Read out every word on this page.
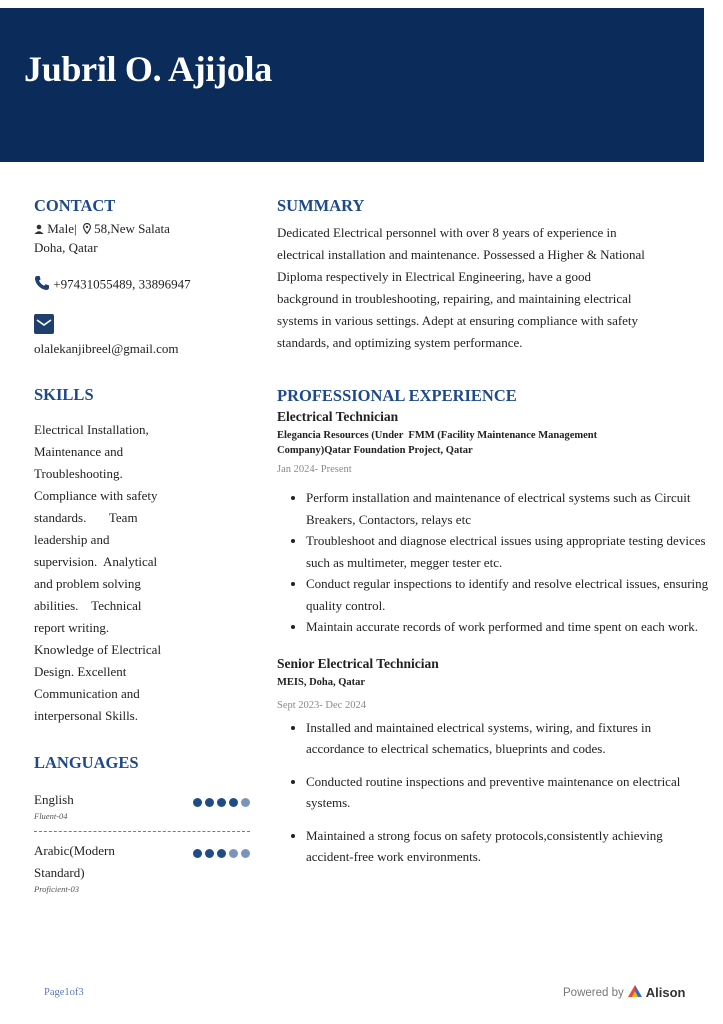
Jubril O. Ajijola
CONTACT
Male| 58,New Salata
Doha, Qatar
+97431055489, 33896947
olalekanjibreel@gmail.com
SKILLS
Electrical Installation,
Maintenance and
Troubleshooting.
Compliance with safety
standards.       Team
leadership and
supervision.  Analytical
and problem solving
abilities.    Technical
report writing.
Knowledge of Electrical
Design. Excellent
Communication and
interpersonal Skills.
LANGUAGES
English
Fluent-04
Arabic(Modern
Standard)
Proficient-03
SUMMARY
Dedicated Electrical personnel with over 8 years of experience in
electrical installation and maintenance. Possessed a Higher & National
Diploma respectively in Electrical Engineering, have a good
background in troubleshooting, repairing, and maintaining electrical
systems in various settings. Adept at ensuring compliance with safety
standards, and optimizing system performance.
PROFESSIONAL EXPERIENCE
Electrical Technician
Elegancia Resources (Under  FMM (Facility Maintenance Management
Company)Qatar Foundation Project, Qatar
Jan 2024- Present
• Perform installation and maintenance of electrical systems such as Circuit Breakers, Contactors, relays etc
• Troubleshoot and diagnose electrical issues using appropriate testing devices such as multimeter, megger tester etc.
• Conduct regular inspections to identify and resolve electrical issues, ensuring quality control.
• Maintain accurate records of work performed and time spent on each work.
Senior Electrical Technician
MEIS, Doha, Qatar
Sept 2023- Dec 2024
• Installed and maintained electrical systems, wiring, and fixtures in accordance to electrical schematics, blueprints and codes.
• Conducted routine inspections and preventive maintenance on electrical systems.
• Maintained a strong focus on safety protocols,consistently achieving accident-free work environments.
Page1of3	Powered by Alison
